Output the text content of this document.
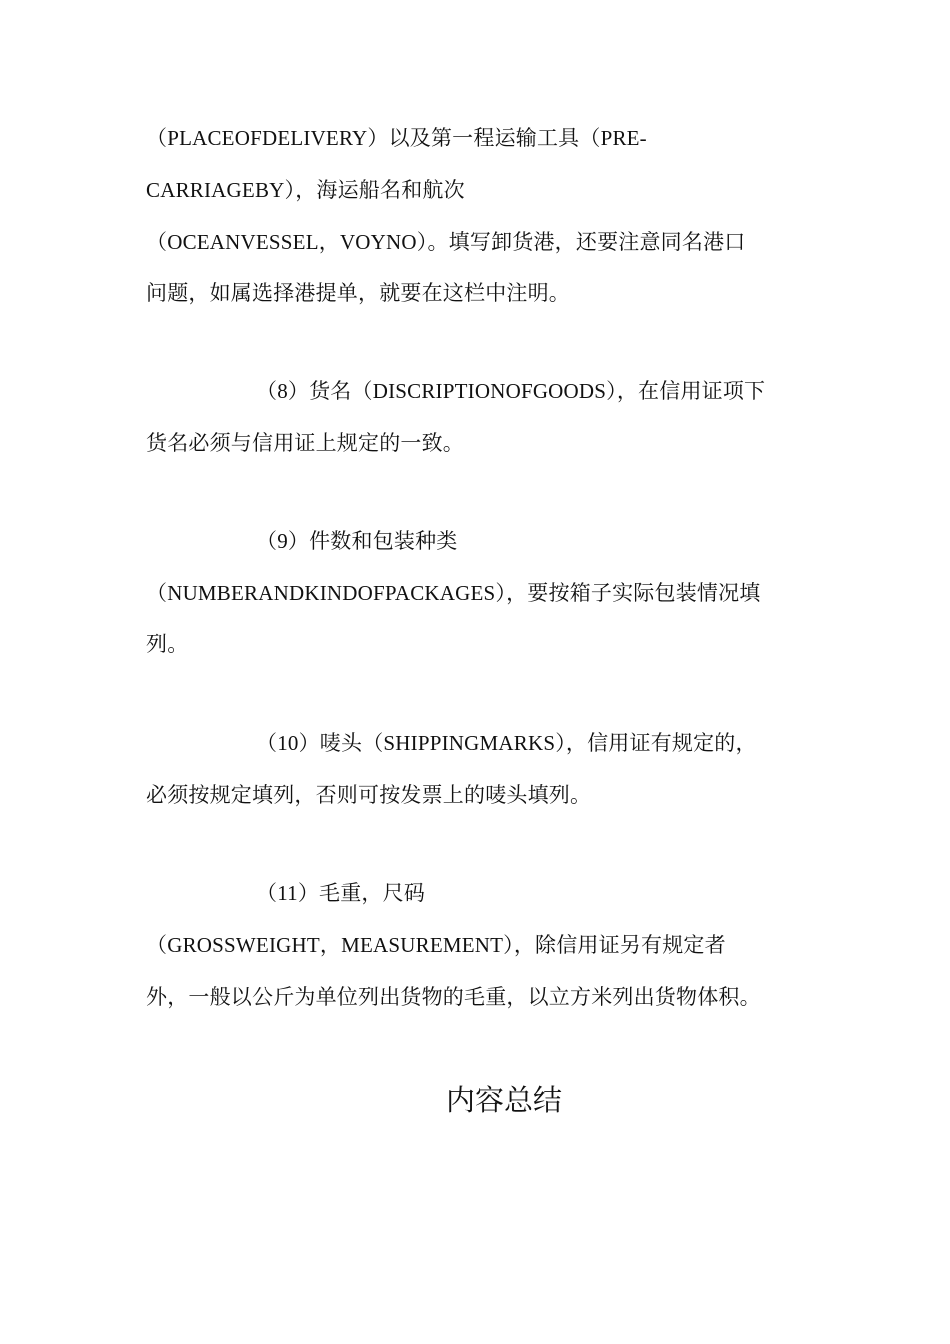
（PLACEOFDELIVERY）以及第一程运输工具（PRE-
CARRIAGEBY），海运船名和航次
（OCEANVESSEL，VOYNO）。填写卸货港，还要注意同名港口
问题，如属选择港提单，就要在这栏中注明。
（8）货名（DISCRIPTIONOFGOODS），在信用证项下
货名必须与信用证上规定的一致。
（9）件数和包装种类
（NUMBERANDKINDOFPACKAGES），要按箱子实际包装情况填
列。
（10）唛头（SHIPPINGMARKS），信用证有规定的，
必须按规定填列，否则可按发票上的唛头填列。
（11）毛重，尺码
（GROSSWEIGHT，MEASUREMENT），除信用证另有规定者
外，一般以公斤为单位列出货物的毛重，以立方米列出货物体积。
内容总结
